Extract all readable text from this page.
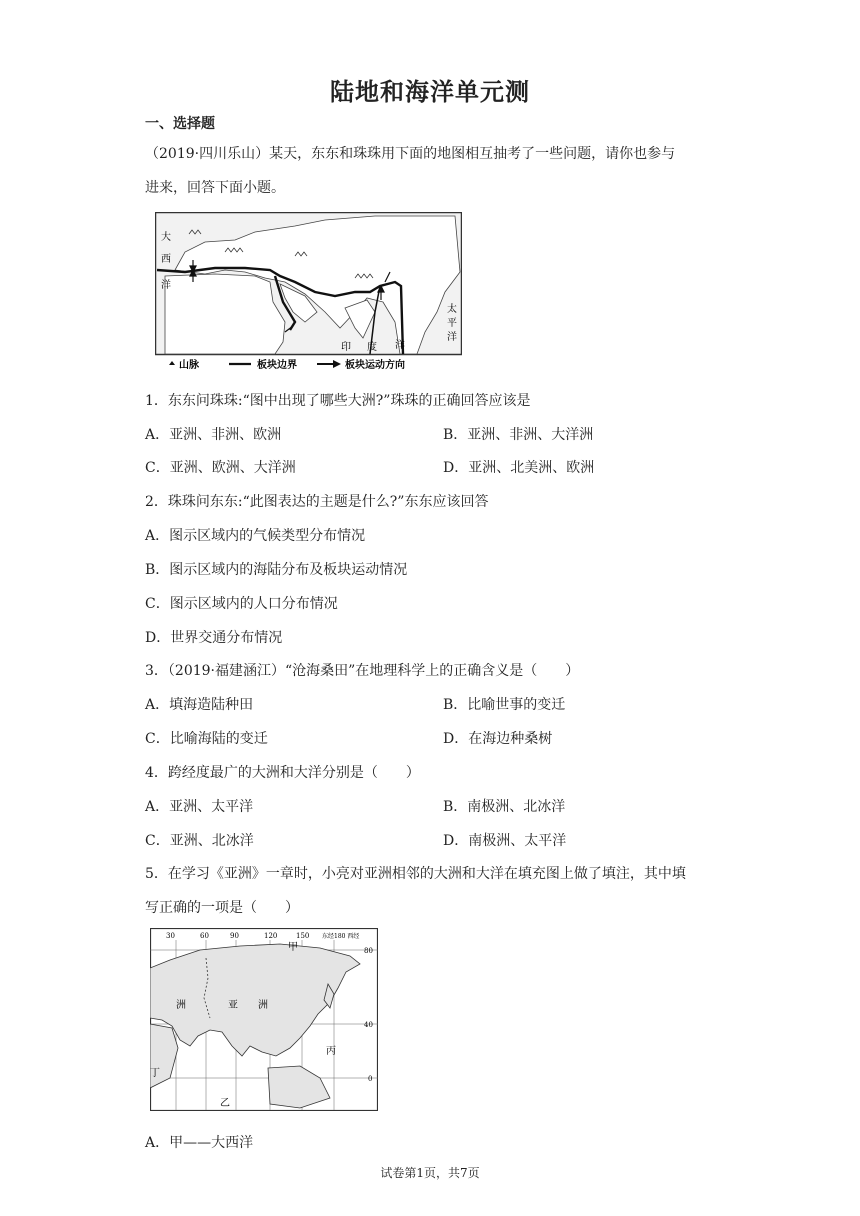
陆地和海洋单元测
一、选择题
（2019·四川乐山）某天，东东和珠珠用下面的地图相互抽考了一些问题，请你也参与
进来，回答下面小题。
大
西
洋
太
平
洋
印 度 洋
山脉	板块边界	板块运动方向
1．东东问珠珠:“图中出现了哪些大洲?”珠珠的正确回答应该是
A．亚洲、非洲、欧洲	B．亚洲、非洲、大洋洲
C．亚洲、欧洲、大洋洲	D．亚洲、北美洲、欧洲
2．珠珠问东东:“此图表达的主题是什么?”东东应该回答
A．图示区域内的气候类型分布情况
B．图示区域内的海陆分布及板块运动情况
C．图示区域内的人口分布情况
D．世界交通分布情况
3．（2019·福建涵江）“沧海桑田”在地理科学上的正确含义是（　　）
A．填海造陆种田	B．比喻世事的变迁
C．比喻海陆的变迁	D．在海边种桑树
4．跨经度最广的大洲和大洋分别是（　　）
A．亚洲、太平洋	B．南极洲、北冰洋
C．亚洲、北冰洋	D．南极洲、太平洋
5．在学习《亚洲》一章时，小亮对亚洲相邻的大洲和大洋在填充图上做了填注，其中填
写正确的一项是（　　）
30	60	90	120	150 东经180 西经
80
40
0
甲
乙
丙
丁
洲	亚 洲
A．甲——大西洋
试卷第1页，共7页
